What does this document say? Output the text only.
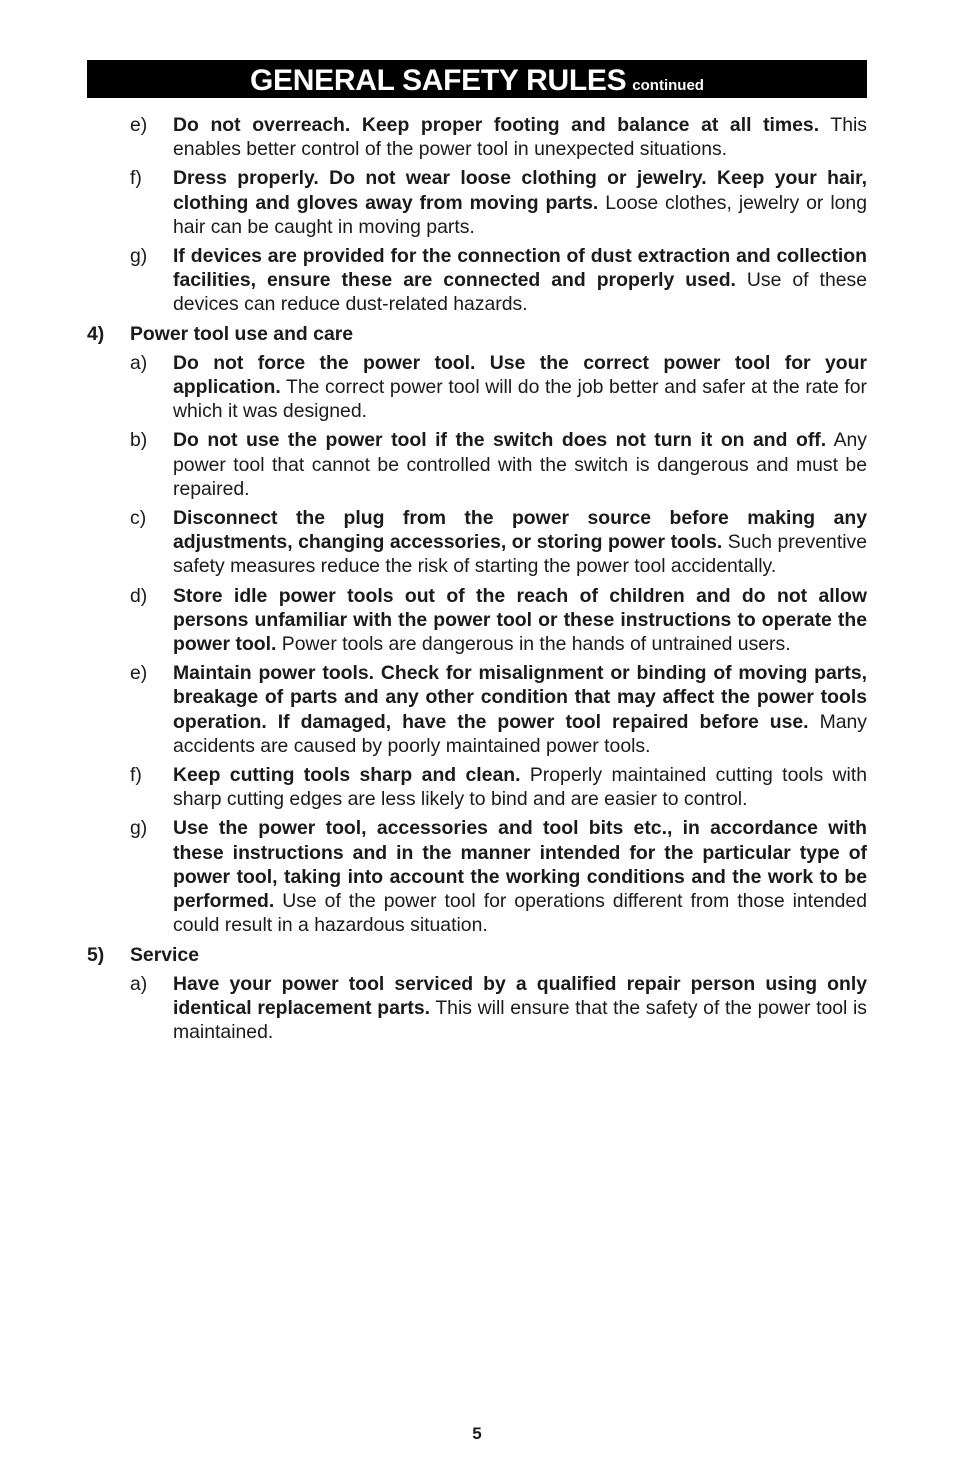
GENERAL SAFETY RULES continued
e) Do not overreach. Keep proper footing and balance at all times. This enables better control of the power tool in unexpected situations.
f) Dress properly. Do not wear loose clothing or jewelry. Keep your hair, clothing and gloves away from moving parts. Loose clothes, jewelry or long hair can be caught in moving parts.
g) If devices are provided for the connection of dust extraction and collection facilities, ensure these are connected and properly used. Use of these devices can reduce dust-related hazards.
4) Power tool use and care
a) Do not force the power tool. Use the correct power tool for your application. The correct power tool will do the job better and safer at the rate for which it was designed.
b) Do not use the power tool if the switch does not turn it on and off. Any power tool that cannot be controlled with the switch is dangerous and must be repaired.
c) Disconnect the plug from the power source before making any adjustments, changing accessories, or storing power tools. Such preventive safety measures reduce the risk of starting the power tool accidentally.
d) Store idle power tools out of the reach of children and do not allow persons unfamiliar with the power tool or these instructions to operate the power tool. Power tools are dangerous in the hands of untrained users.
e) Maintain power tools. Check for misalignment or binding of moving parts, breakage of parts and any other condition that may affect the power tools operation. If damaged, have the power tool repaired before use. Many accidents are caused by poorly maintained power tools.
f) Keep cutting tools sharp and clean. Properly maintained cutting tools with sharp cutting edges are less likely to bind and are easier to control.
g) Use the power tool, accessories and tool bits etc., in accordance with these instructions and in the manner intended for the particular type of power tool, taking into account the working conditions and the work to be performed. Use of the power tool for operations different from those intended could result in a hazardous situation.
5) Service
a) Have your power tool serviced by a qualified repair person using only identical replacement parts. This will ensure that the safety of the power tool is maintained.
5
